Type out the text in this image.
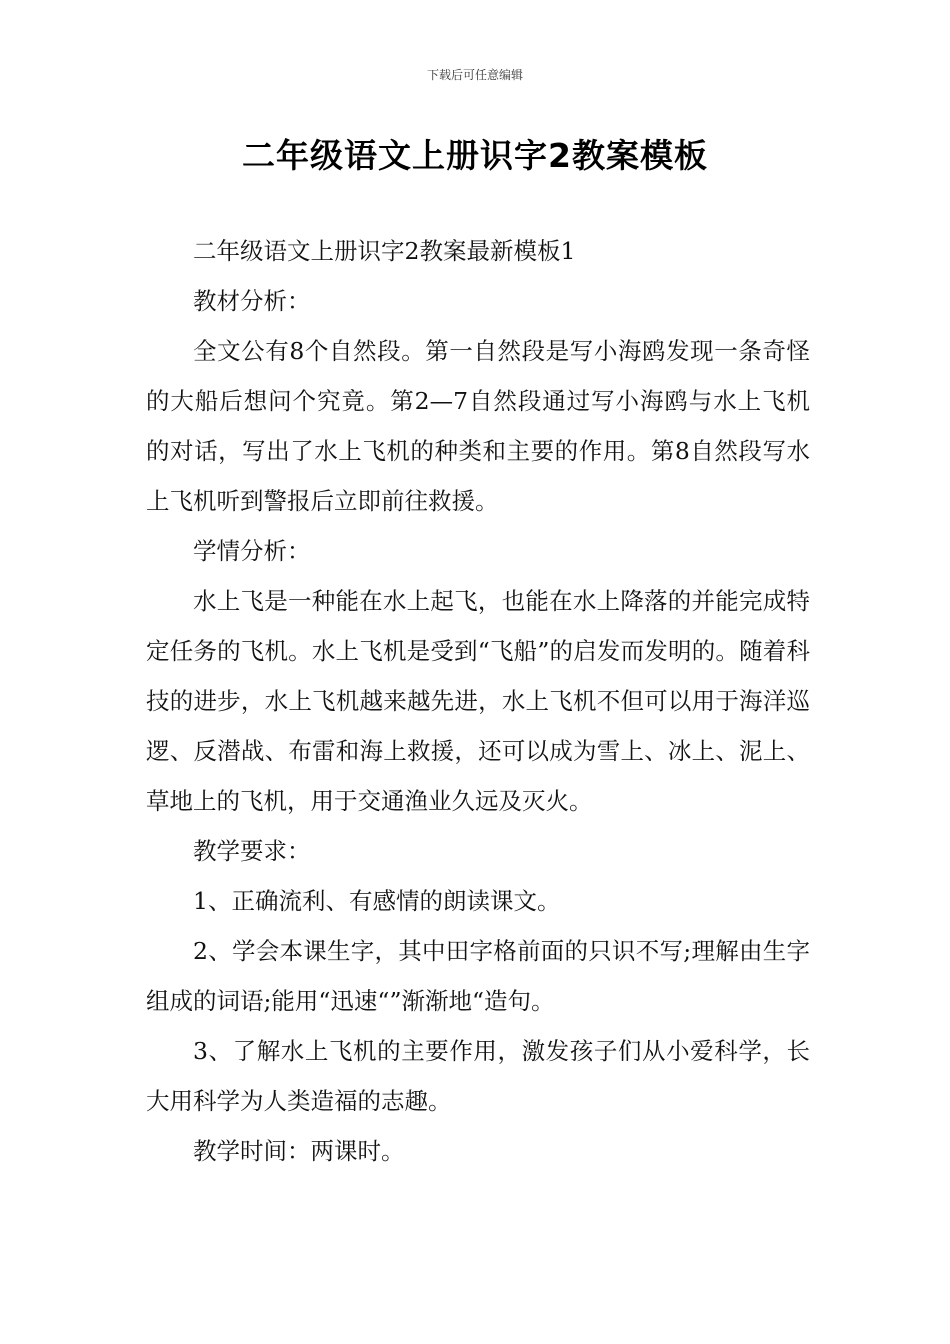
下载后可任意编辑
二年级语文上册识字2教案模板

二年级语文上册识字2教案最新模板1

教材分析：

全文公有8个自然段。第一自然段是写小海鸥发现一条奇怪的大船后想问个究竟。第2—7自然段通过写小海鸥与水上飞机的对话，写出了水上飞机的种类和主要的作用。第8自然段写水上飞机听到警报后立即前往救援。

学情分析：

水上飞是一种能在水上起飞，也能在水上降落的并能完成特定任务的飞机。水上飞机是受到“飞船”的启发而发明的。随着科技的进步，水上飞机越来越先进，水上飞机不但可以用于海洋巡逻、反潜战、布雷和海上救援，还可以成为雪上、冰上、泥上、草地上的飞机，用于交通渔业久远及灭火。

教学要求：

1、正确流利、有感情的朗读课文。

2、学会本课生字，其中田字格前面的只识不写;理解由生字组成的词语;能用“迅速“”渐渐地“造句。

3、了解水上飞机的主要作用，激发孩子们从小爱科学，长大用科学为人类造福的志趣。

教学时间：两课时。
